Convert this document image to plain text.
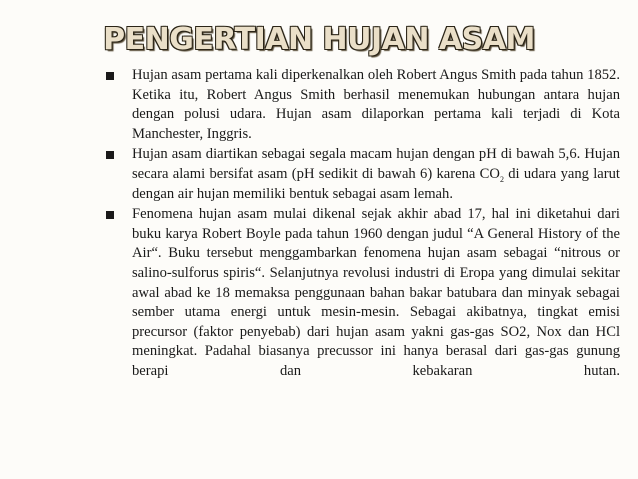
PENGERTIAN HUJAN ASAM
Hujan asam pertama kali diperkenalkan oleh Robert Angus Smith pada tahun 1852. Ketika itu, Robert Angus Smith berhasil menemukan hubungan antara hujan dengan polusi udara. Hujan asam dilaporkan pertama kali terjadi di Kota Manchester, Inggris.
Hujan asam diartikan sebagai segala macam hujan dengan pH di bawah 5,6. Hujan secara alami bersifat asam (pH sedikit di bawah 6) karena $CO_2$ di udara yang larut dengan air hujan memiliki bentuk sebagai asam lemah.
Fenomena hujan asam mulai dikenal sejak akhir abad 17, hal ini diketahui dari buku karya Robert Boyle pada tahun 1960 dengan judul “A General History of the Air“. Buku tersebut menggambarkan fenomena hujan asam sebagai “nitrous or salino-sulforus spiris“. Selanjutnya revolusi industri di Eropa yang dimulai sekitar awal abad ke 18 memaksa penggunaan bahan bakar batubara dan minyak sebagai sember utama energi untuk mesin-mesin. Sebagai akibatnya, tingkat emisi precursor (faktor penyebab) dari hujan asam yakni gas-gas SO2, Nox dan HCl meningkat. Padahal biasanya precussor ini hanya berasal dari gas-gas gunung berapi dan kebakaran hutan.
